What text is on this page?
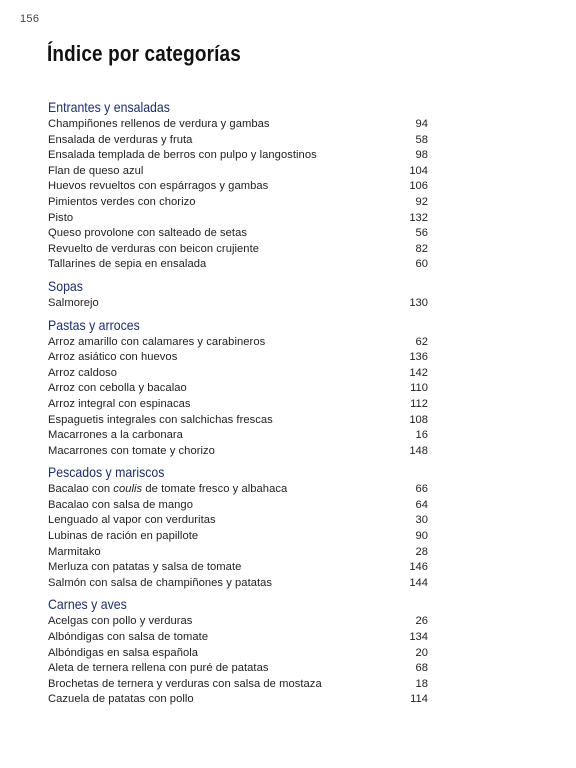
156
Índice por categorías
Entrantes y ensaladas
Champiñones rellenos de verdura y gambas	94
Ensalada de verduras y fruta	58
Ensalada templada de berros con pulpo y langostinos	98
Flan de queso azul	104
Huevos revueltos con espárragos y gambas	106
Pimientos verdes con chorizo	92
Pisto	132
Queso provolone con salteado de setas	56
Revuelto de verduras con beicon crujiente	82
Tallarines de sepia en ensalada	60
Sopas
Salmorejo	130
Pastas y arroces
Arroz amarillo con calamares y carabineros	62
Arroz asiático con huevos	136
Arroz caldoso	142
Arroz con cebolla y bacalao	110
Arroz integral con espinacas	112
Espaguetis integrales con salchichas frescas	108
Macarrones a la carbonara	16
Macarrones con tomate y chorizo	148
Pescados y mariscos
Bacalao con coulis de tomate fresco y albahaca	66
Bacalao con salsa de mango	64
Lenguado al vapor con verduritas	30
Lubinas de ración en papillote	90
Marmitako	28
Merluza con patatas y salsa de tomate	146
Salmón con salsa de champiñones y patatas	144
Carnes y aves
Acelgas con pollo y verduras	26
Albóndigas con salsa de tomate	134
Albóndigas en salsa española	20
Aleta de ternera rellena con puré de patatas	68
Brochetas de ternera y verduras con salsa de mostaza	18
Cazuela de patatas con pollo	114
